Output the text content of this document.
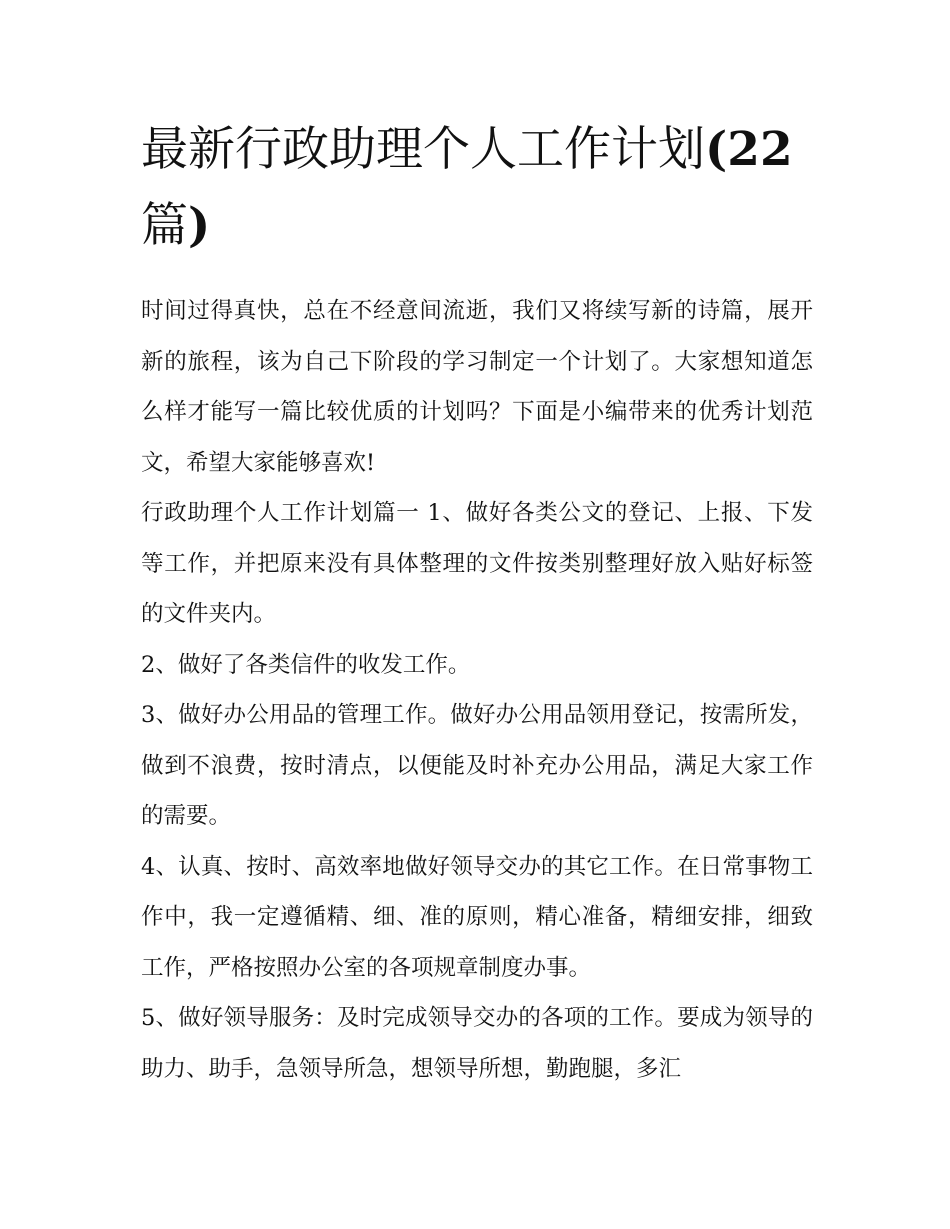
最新行政助理个人工作计划(22篇)

时间过得真快，总在不经意间流逝，我们又将续写新的诗篇，展开新的旅程，该为自己下阶段的学习制定一个计划了。大家想知道怎么样才能写一篇比较优质的计划吗？下面是小编带来的优秀计划范文，希望大家能够喜欢!

行政助理个人工作计划篇一 1、做好各类公文的登记、上报、下发等工作，并把原来没有具体整理的文件按类别整理好放入贴好标签的文件夹内。

2、做好了各类信件的收发工作。

3、做好办公用品的管理工作。做好办公用品领用登记，按需所发，做到不浪费，按时清点，以便能及时补充办公用品，满足大家工作的需要。

4、认真、按时、高效率地做好领导交办的其它工作。在日常事物工作中，我一定遵循精、细、准的原则，精心准备，精细安排，细致工作，严格按照办公室的各项规章制度办事。

5、做好领导服务：及时完成领导交办的各项的工作。要成为领导的助力、助手，急领导所急，想领导所想，勤跑腿，多汇
